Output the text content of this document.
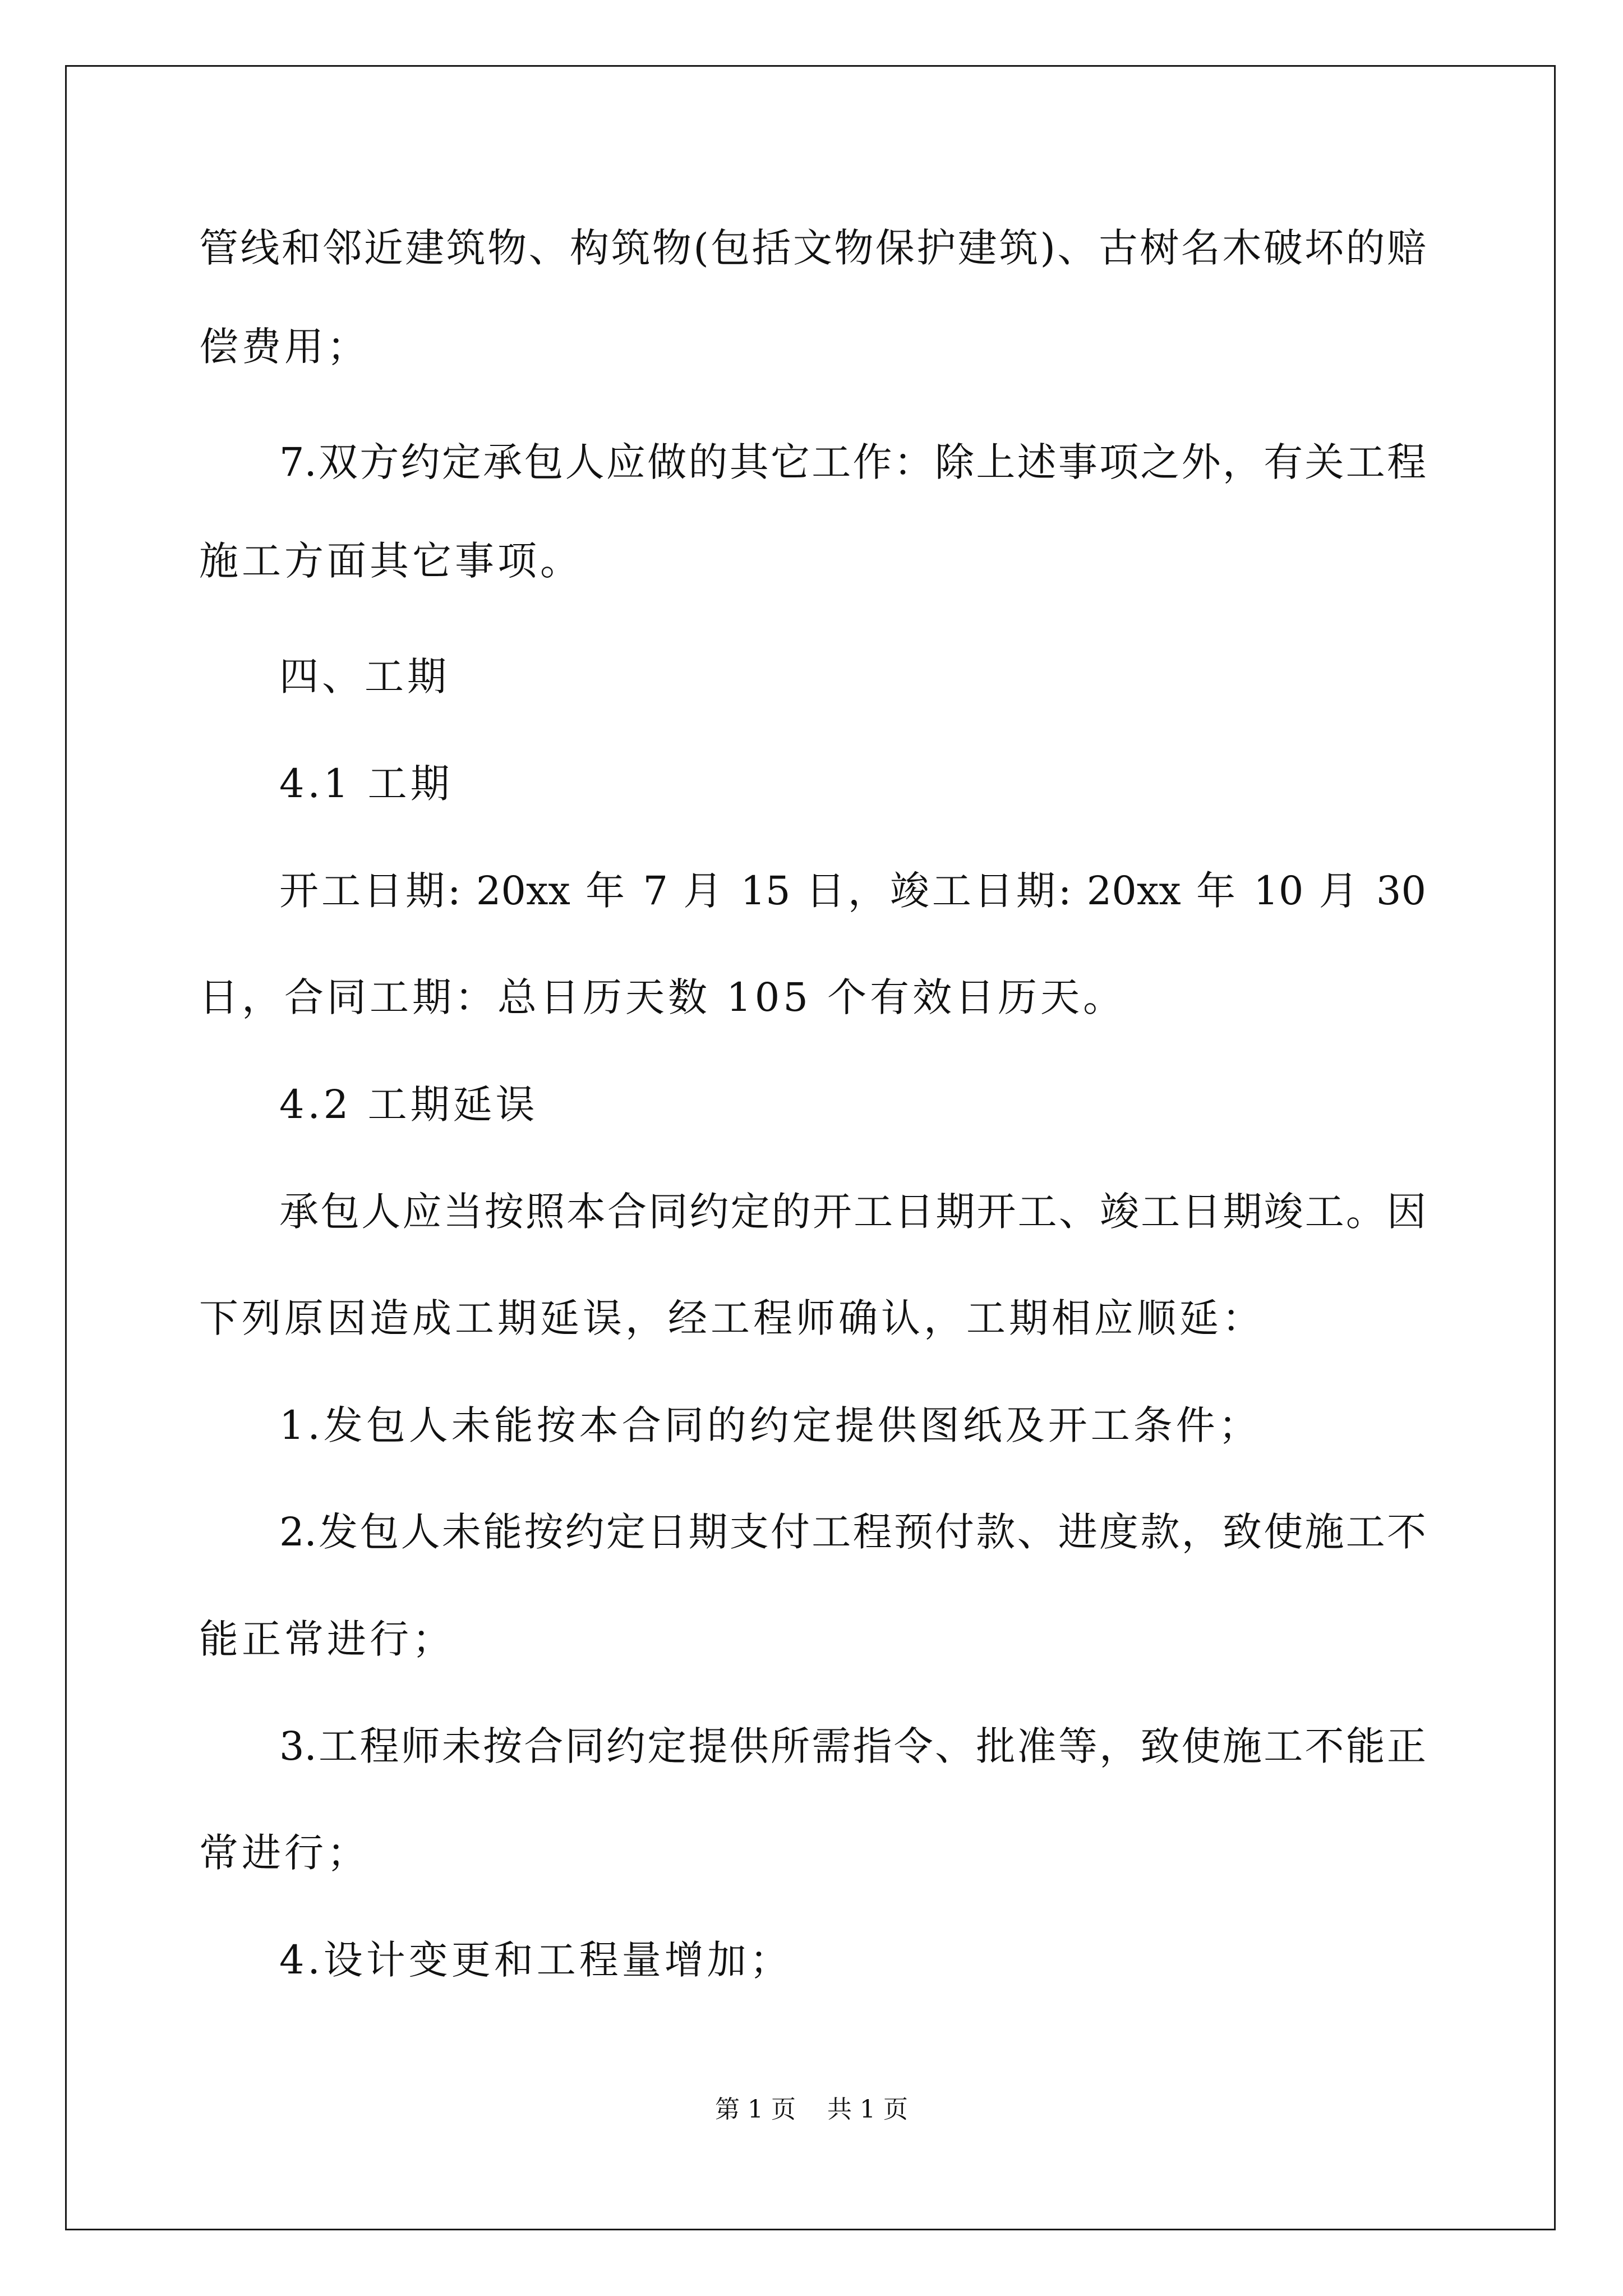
管线和邻近建筑物、构筑物(包括文物保护建筑)、古树名木破坏的赔
偿费用；
7.双方约定承包人应做的其它工作：除上述事项之外，有关工程
施工方面其它事项。
四、工期
4.1 工期
开工日期: 20xx 年 7 月 15 日，竣工日期: 20xx 年 10 月 30
日，合同工期：总日历天数 105 个有效日历天。
4.2 工期延误
承包人应当按照本合同约定的开工日期开工、竣工日期竣工。因
下列原因造成工期延误，经工程师确认，工期相应顺延：
1.发包人未能按本合同的约定提供图纸及开工条件；
2.发包人未能按约定日期支付工程预付款、进度款，致使施工不
能正常进行；
3.工程师未按合同约定提供所需指令、批准等，致使施工不能正
常进行；
4.设计变更和工程量增加；
第 1 页 共 1 页
